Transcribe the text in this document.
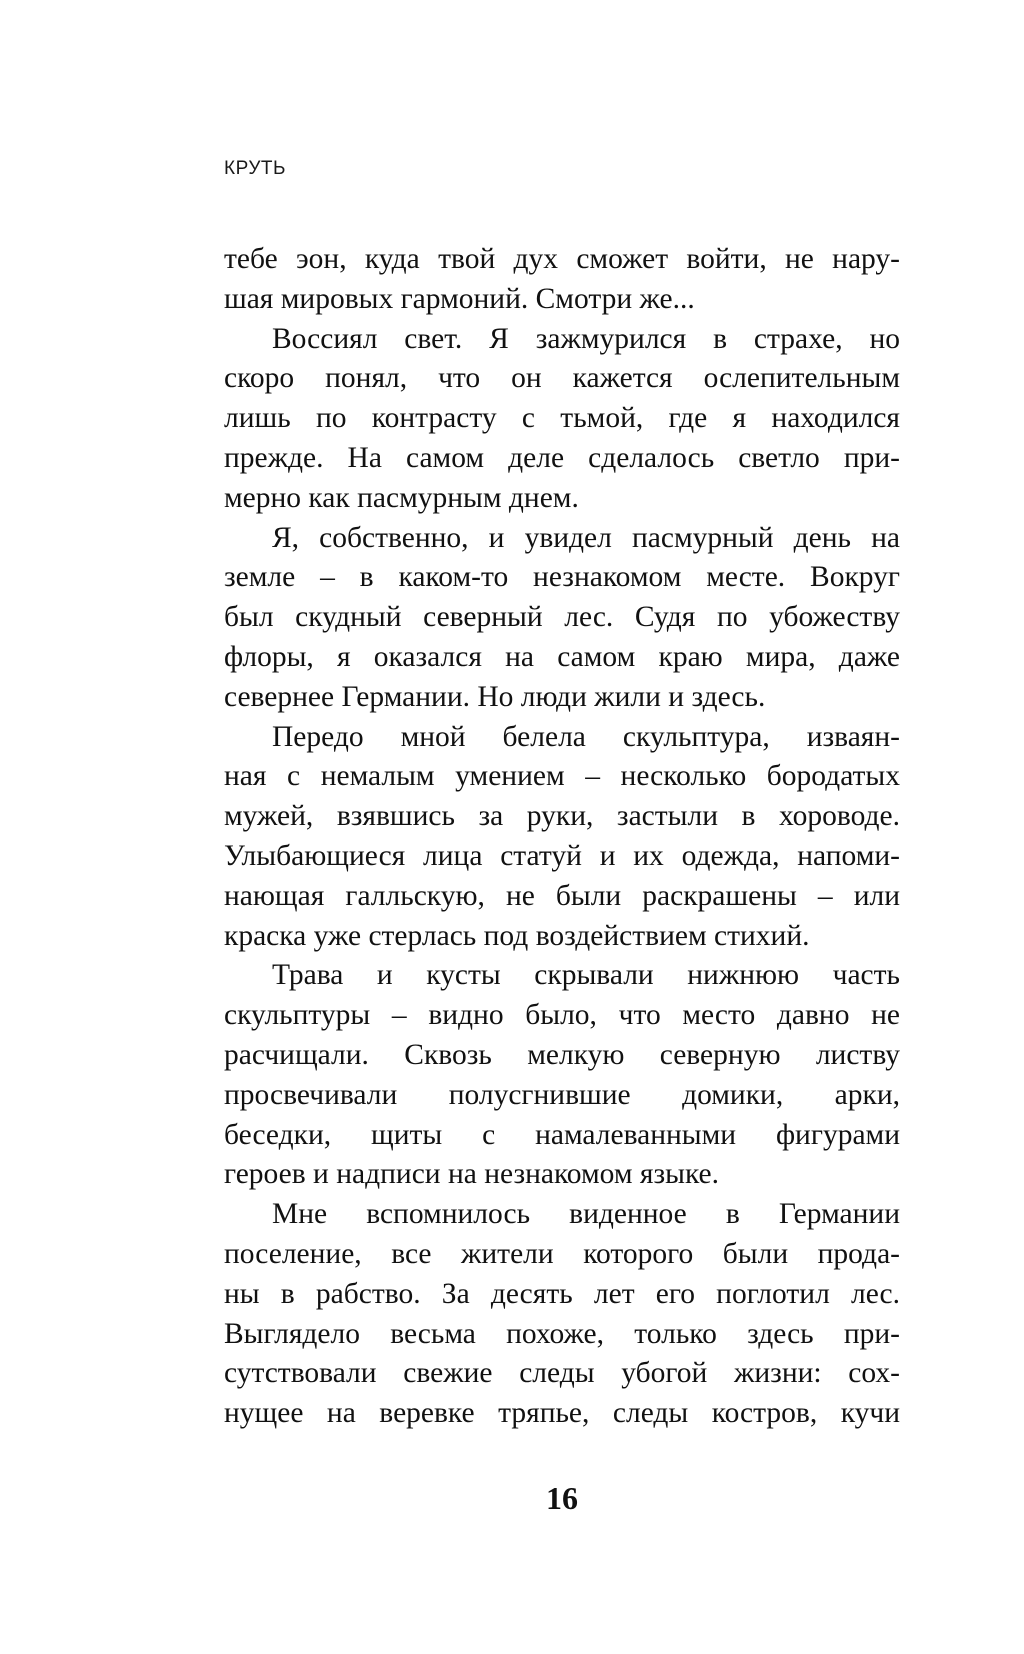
КРУТЬ
тебе эон, куда твой дух сможет войти, не нару-
шая мировых гармоний. Смотри же...
Воссиял свет. Я зажмурился в страхе, но
скоро понял, что он кажется ослепительным
лишь по контрасту с тьмой, где я находился
прежде. На самом деле сделалось светло при-
мерно как пасмурным днем.
Я, собственно, и увидел пасмурный день на
земле – в каком-то незнакомом месте. Вокруг
был скудный северный лес. Судя по убожеству
флоры, я оказался на самом краю мира, даже
севернее Германии. Но люди жили и здесь.
Передо мной белела скульптура, изваян-
ная с немалым умением – несколько бородатых
мужей, взявшись за руки, застыли в хороводе.
Улыбающиеся лица статуй и их одежда, напоми-
нающая галльскую, не были раскрашены – или
краска уже стерлась под воздействием стихий.
Трава и кусты скрывали нижнюю часть
скульптуры – видно было, что место давно не
расчищали. Сквозь мелкую северную листву
просвечивали полусгнившие домики, арки,
беседки, щиты с намалеванными фигурами
героев и надписи на незнакомом языке.
Мне вспомнилось виденное в Германии
поселение, все жители которого были прода-
ны в рабство. За десять лет его поглотил лес.
Выглядело весьма похоже, только здесь при-
сутствовали свежие следы убогой жизни: сох-
нущее на веревке тряпье, следы костров, кучи
16
